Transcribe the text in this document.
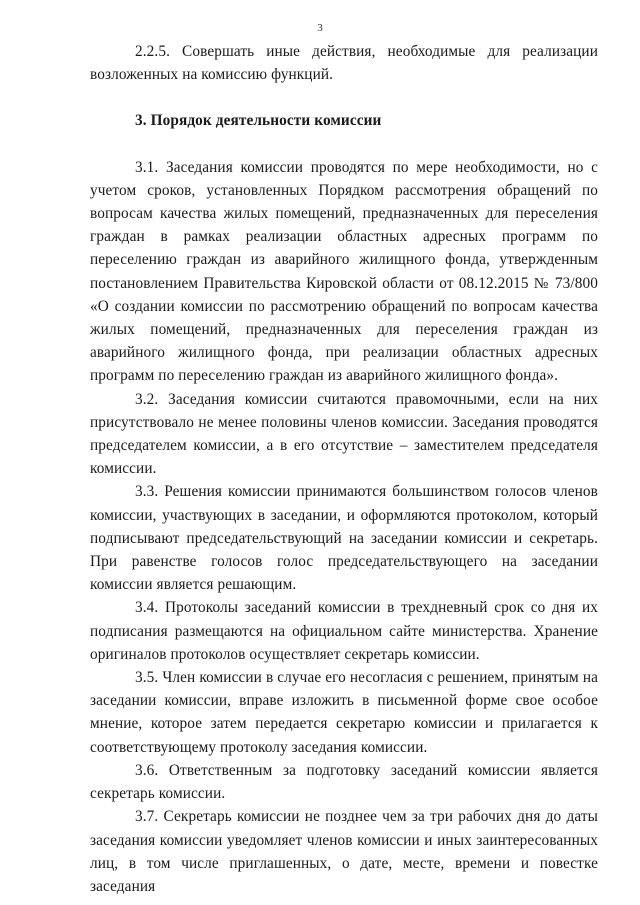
3

2.2.5. Совершать иные действия, необходимые для реализации возложенных на комиссию функций.

3. Порядок деятельности комиссии

3.1. Заседания комиссии проводятся по мере необходимости, но с учетом сроков, установленных Порядком рассмотрения обращений по вопросам качества жилых помещений, предназначенных для переселения граждан в рамках реализации областных адресных программ по переселению граждан из аварийного жилищного фонда, утвержденным постановлением Правительства Кировской области от 08.12.2015 № 73/800 «О создании комиссии по рассмотрению обращений по вопросам качества жилых помещений, предназначенных для переселения граждан из аварийного жилищного фонда, при реализации областных адресных программ по переселению граждан из аварийного жилищного фонда».

3.2. Заседания комиссии считаются правомочными, если на них присутствовало не менее половины членов комиссии. Заседания проводятся председателем комиссии, а в его отсутствие – заместителем председателя комиссии.

3.3. Решения комиссии принимаются большинством голосов членов комиссии, участвующих в заседании, и оформляются протоколом, который подписывают председательствующий на заседании комиссии и секретарь. При равенстве голосов голос председательствующего на заседании комиссии является решающим.

3.4. Протоколы заседаний комиссии в трехдневный срок со дня их подписания размещаются на официальном сайте министерства. Хранение оригиналов протоколов осуществляет секретарь комиссии.

3.5. Член комиссии в случае его несогласия с решением, принятым на заседании комиссии, вправе изложить в письменной форме свое особое мнение, которое затем передается секретарю комиссии и прилагается к соответствующему протоколу заседания комиссии.

3.6. Ответственным за подготовку заседаний комиссии является секретарь комиссии.

3.7. Секретарь комиссии не позднее чем за три рабочих дня до даты заседания комиссии уведомляет членов комиссии и иных заинтересованных лиц, в том числе приглашенных, о дате, месте, времени и повестке заседания
